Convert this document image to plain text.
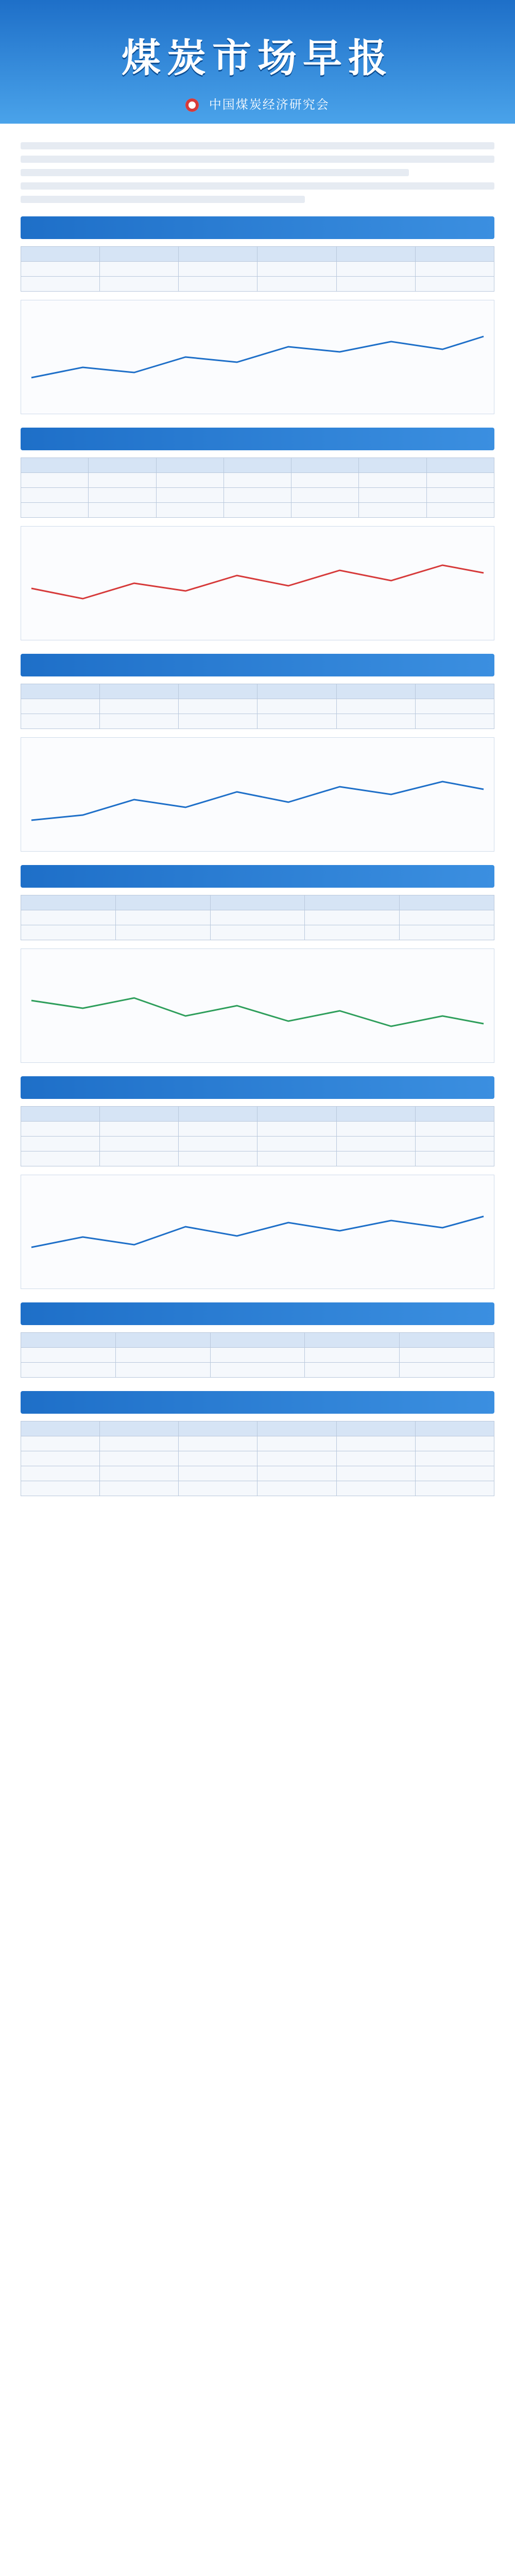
煤炭市场早报
中国煤炭经济研究会
